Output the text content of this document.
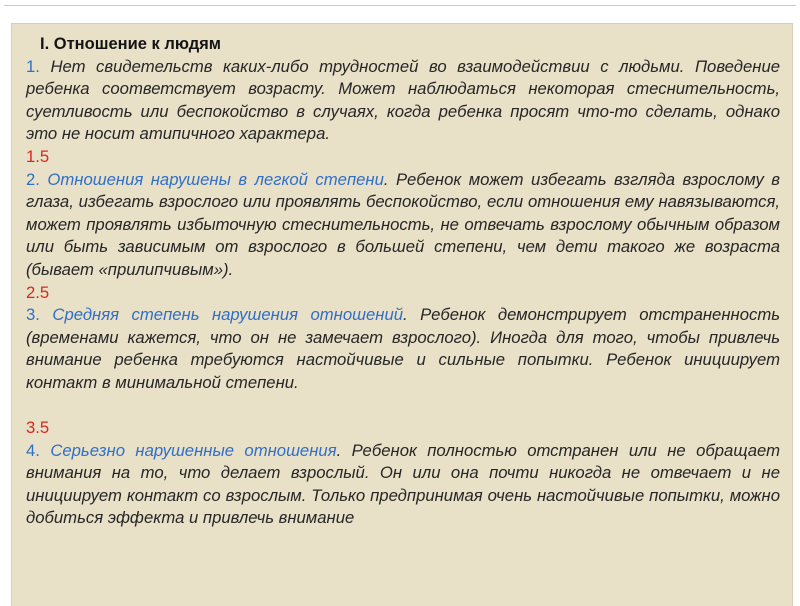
I. Отношение к людям

1. Нет свидетельств каких-либо трудностей во взаимодействии с людьми. Поведение ребенка соответствует возрасту. Может наблюдаться некоторая стеснительность, суетливость или беспокойство в случаях, когда ребенка просят что-то сделать, однако это не носит атипичного характера.

1.5

2. Отношения нарушены в легкой степени. Ребенок может избегать взгляда взрослому в глаза, избегать взрослого или проявлять беспокойство, если отношения ему навязываются, может проявлять избыточную стеснительность, не отвечать взрослому обычным образом или быть зависимым от взрослого в большей степени, чем дети такого же возраста (бывает «прилипчивым»).

2.5

3. Средняя степень нарушения отношений. Ребенок демонстрирует отстраненность (временами кажется, что он не замечает взрослого). Иногда для того, чтобы привлечь внимание ребенка требуются настойчивые и сильные попытки. Ребенок инициирует контакт в минимальной степени.

3.5

4. Серьезно нарушенные отношения. Ребенок полностью отстранен или не обращает внимания на то, что делает взрослый. Он или она почти никогда не отвечает и не инициирует контакт со взрослым. Только предпринимая очень настойчивые попытки, можно добиться эффекта и привлечь внимание
